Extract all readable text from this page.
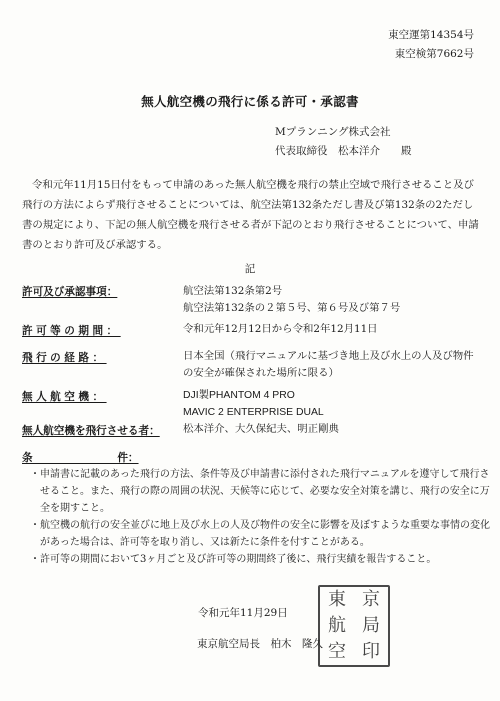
東空運第14354号
東空検第7662号
無人航空機の飛行に係る許可・承認書
Mプランニング株式会社
代表取締役　松本洋介　　殿
令和元年11月15日付をもって申請のあった無人航空機を飛行の禁止空域で飛行させること及び飛行の方法によらず飛行させることについては、航空法第132条ただし書及び第132条の2ただし書の規定により、下記の無人航空機を飛行させる者が下記のとおり飛行させることについて、申請書のとおり許可及び承認する。
記
許可及び承認事項：	航空法第132条第2号
航空法第132条の２第５号、第６号及び第７号
許可等の期間：	令和元年12月12日から令和2年12月11日
飛行の経路：	日本全国（飛行マニュアルに基づき地上及び水上の人及び物件の安全が確保された場所に限る）
無人航空機：	DJI製PHANTOM 4 PRO
MAVIC 2 ENTERPRISE DUAL
無人航空機を飛行させる者： 松本洋介、大久保紀夫、明正剛典
条　　　　　　　　件：

・申請書に記載のあった飛行の方法、条件等及び申請書に添付された飛行マニュアルを遵守して飛行させること。また、飛行の際の周囲の状況、天候等に応じて、必要な安全対策を講じ、飛行の安全に万全を期すこと。

・航空機の航行の安全並びに地上及び水上の人及び物件の安全に影響を及ぼすような重要な事情の変化があった場合は、許可等を取り消し、又は新たに条件を付すことがある。

・許可等の期間において3ヶ月ごと及び許可等の期間終了後に、飛行実績を報告すること。

令和元年11月29日
東京航空局長　柏木　隆久
東 京
航 局
空 印
